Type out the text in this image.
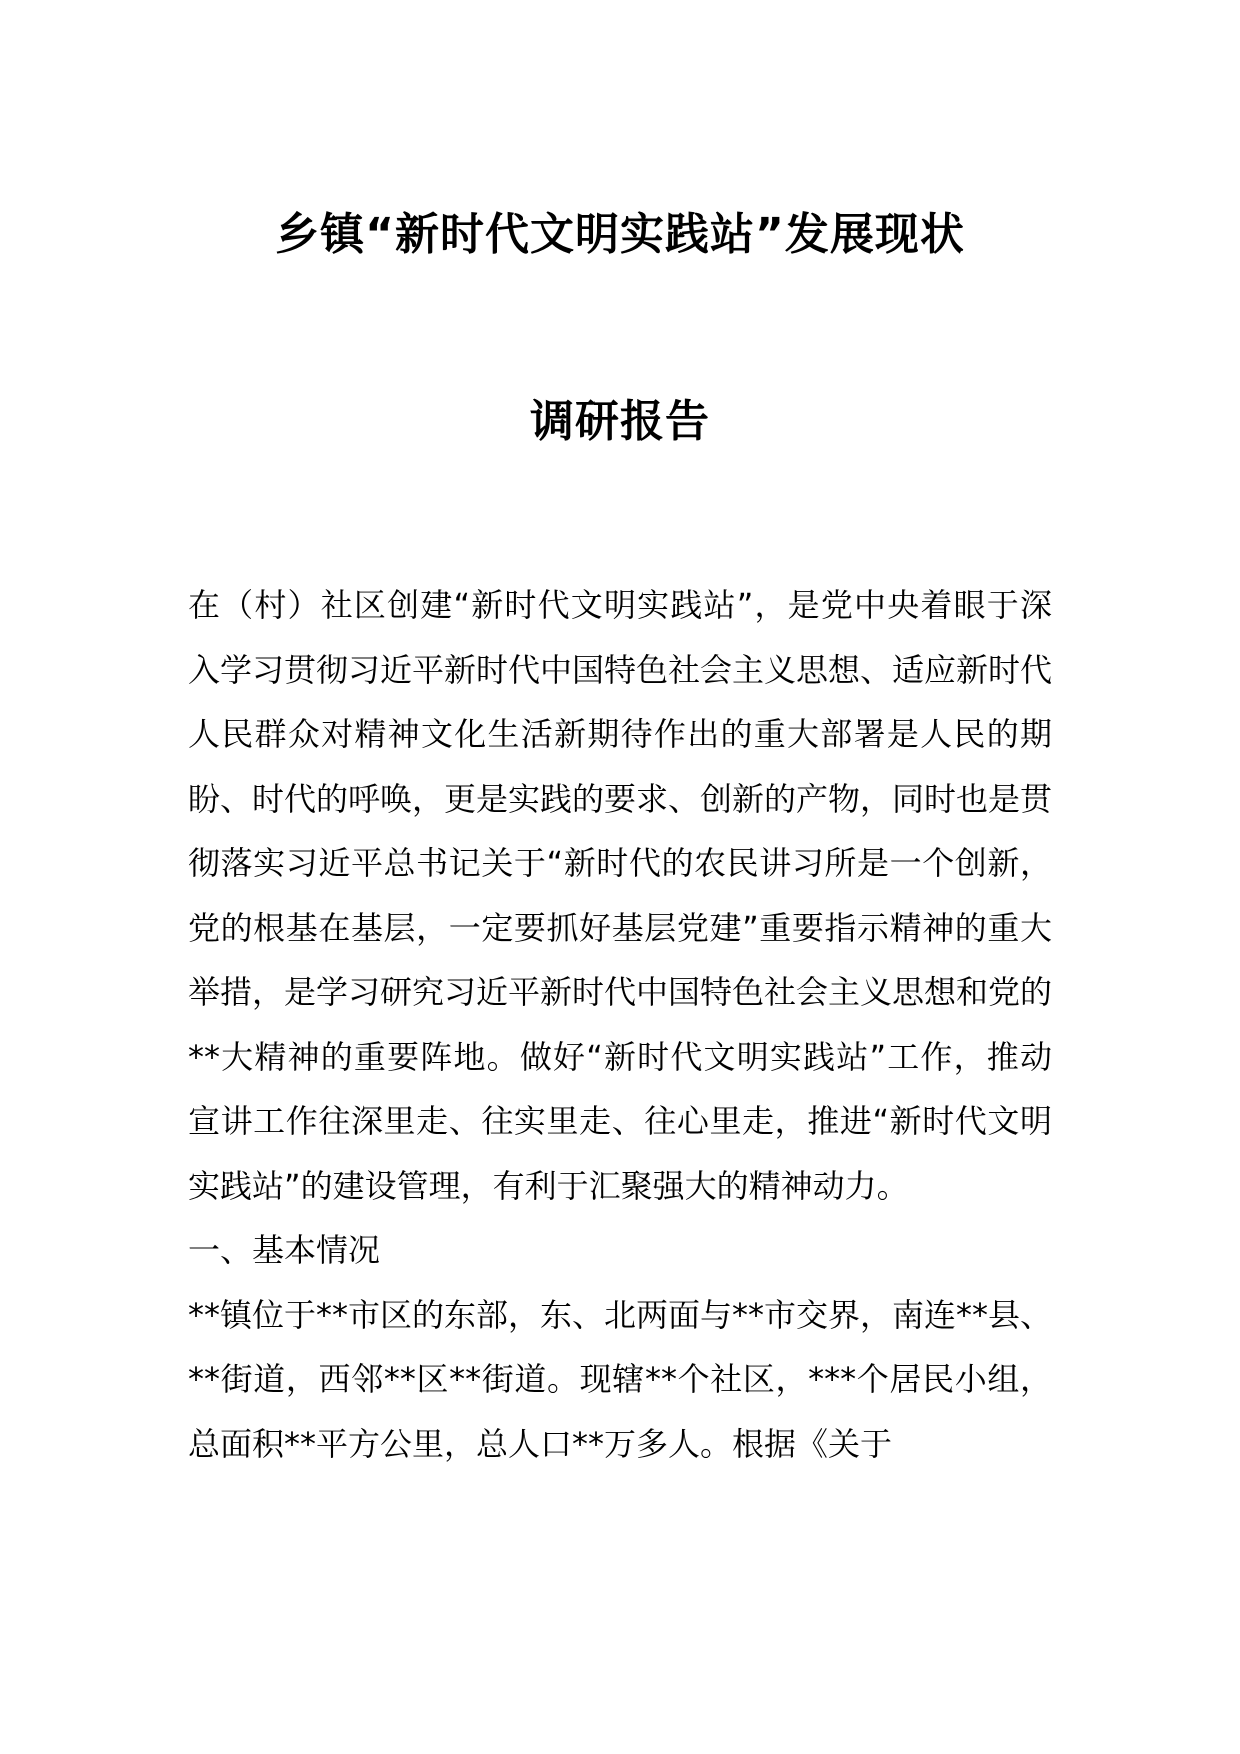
乡镇“新时代文明实践站”发展现状
调研报告

在（村）社区创建“新时代文明实践站”，是党中央着眼于深入学习贯彻习近平新时代中国特色社会主义思想、适应新时代人民群众对精神文化生活新期待作出的重大部署是人民的期盼、时代的呼唤，更是实践的要求、创新的产物，同时也是贯彻落实习近平总书记关于“新时代的农民讲习所是一个创新，党的根基在基层，一定要抓好基层党建”重要指示精神的重大举措，是学习研究习近平新时代中国特色社会主义思想和党的**大精神的重要阵地。做好“新时代文明实践站”工作，推动宣讲工作往深里走、往实里走、往心里走，推进“新时代文明实践站”的建设管理，有利于汇聚强大的精神动力。

一、基本情况

**镇位于**市区的东部，东、北两面与**市交界，南连**县、**街道，西邻**区**街道。现辖**个社区，***个居民小组，总面积**平方公里，总人口**万多人。根据《关于
